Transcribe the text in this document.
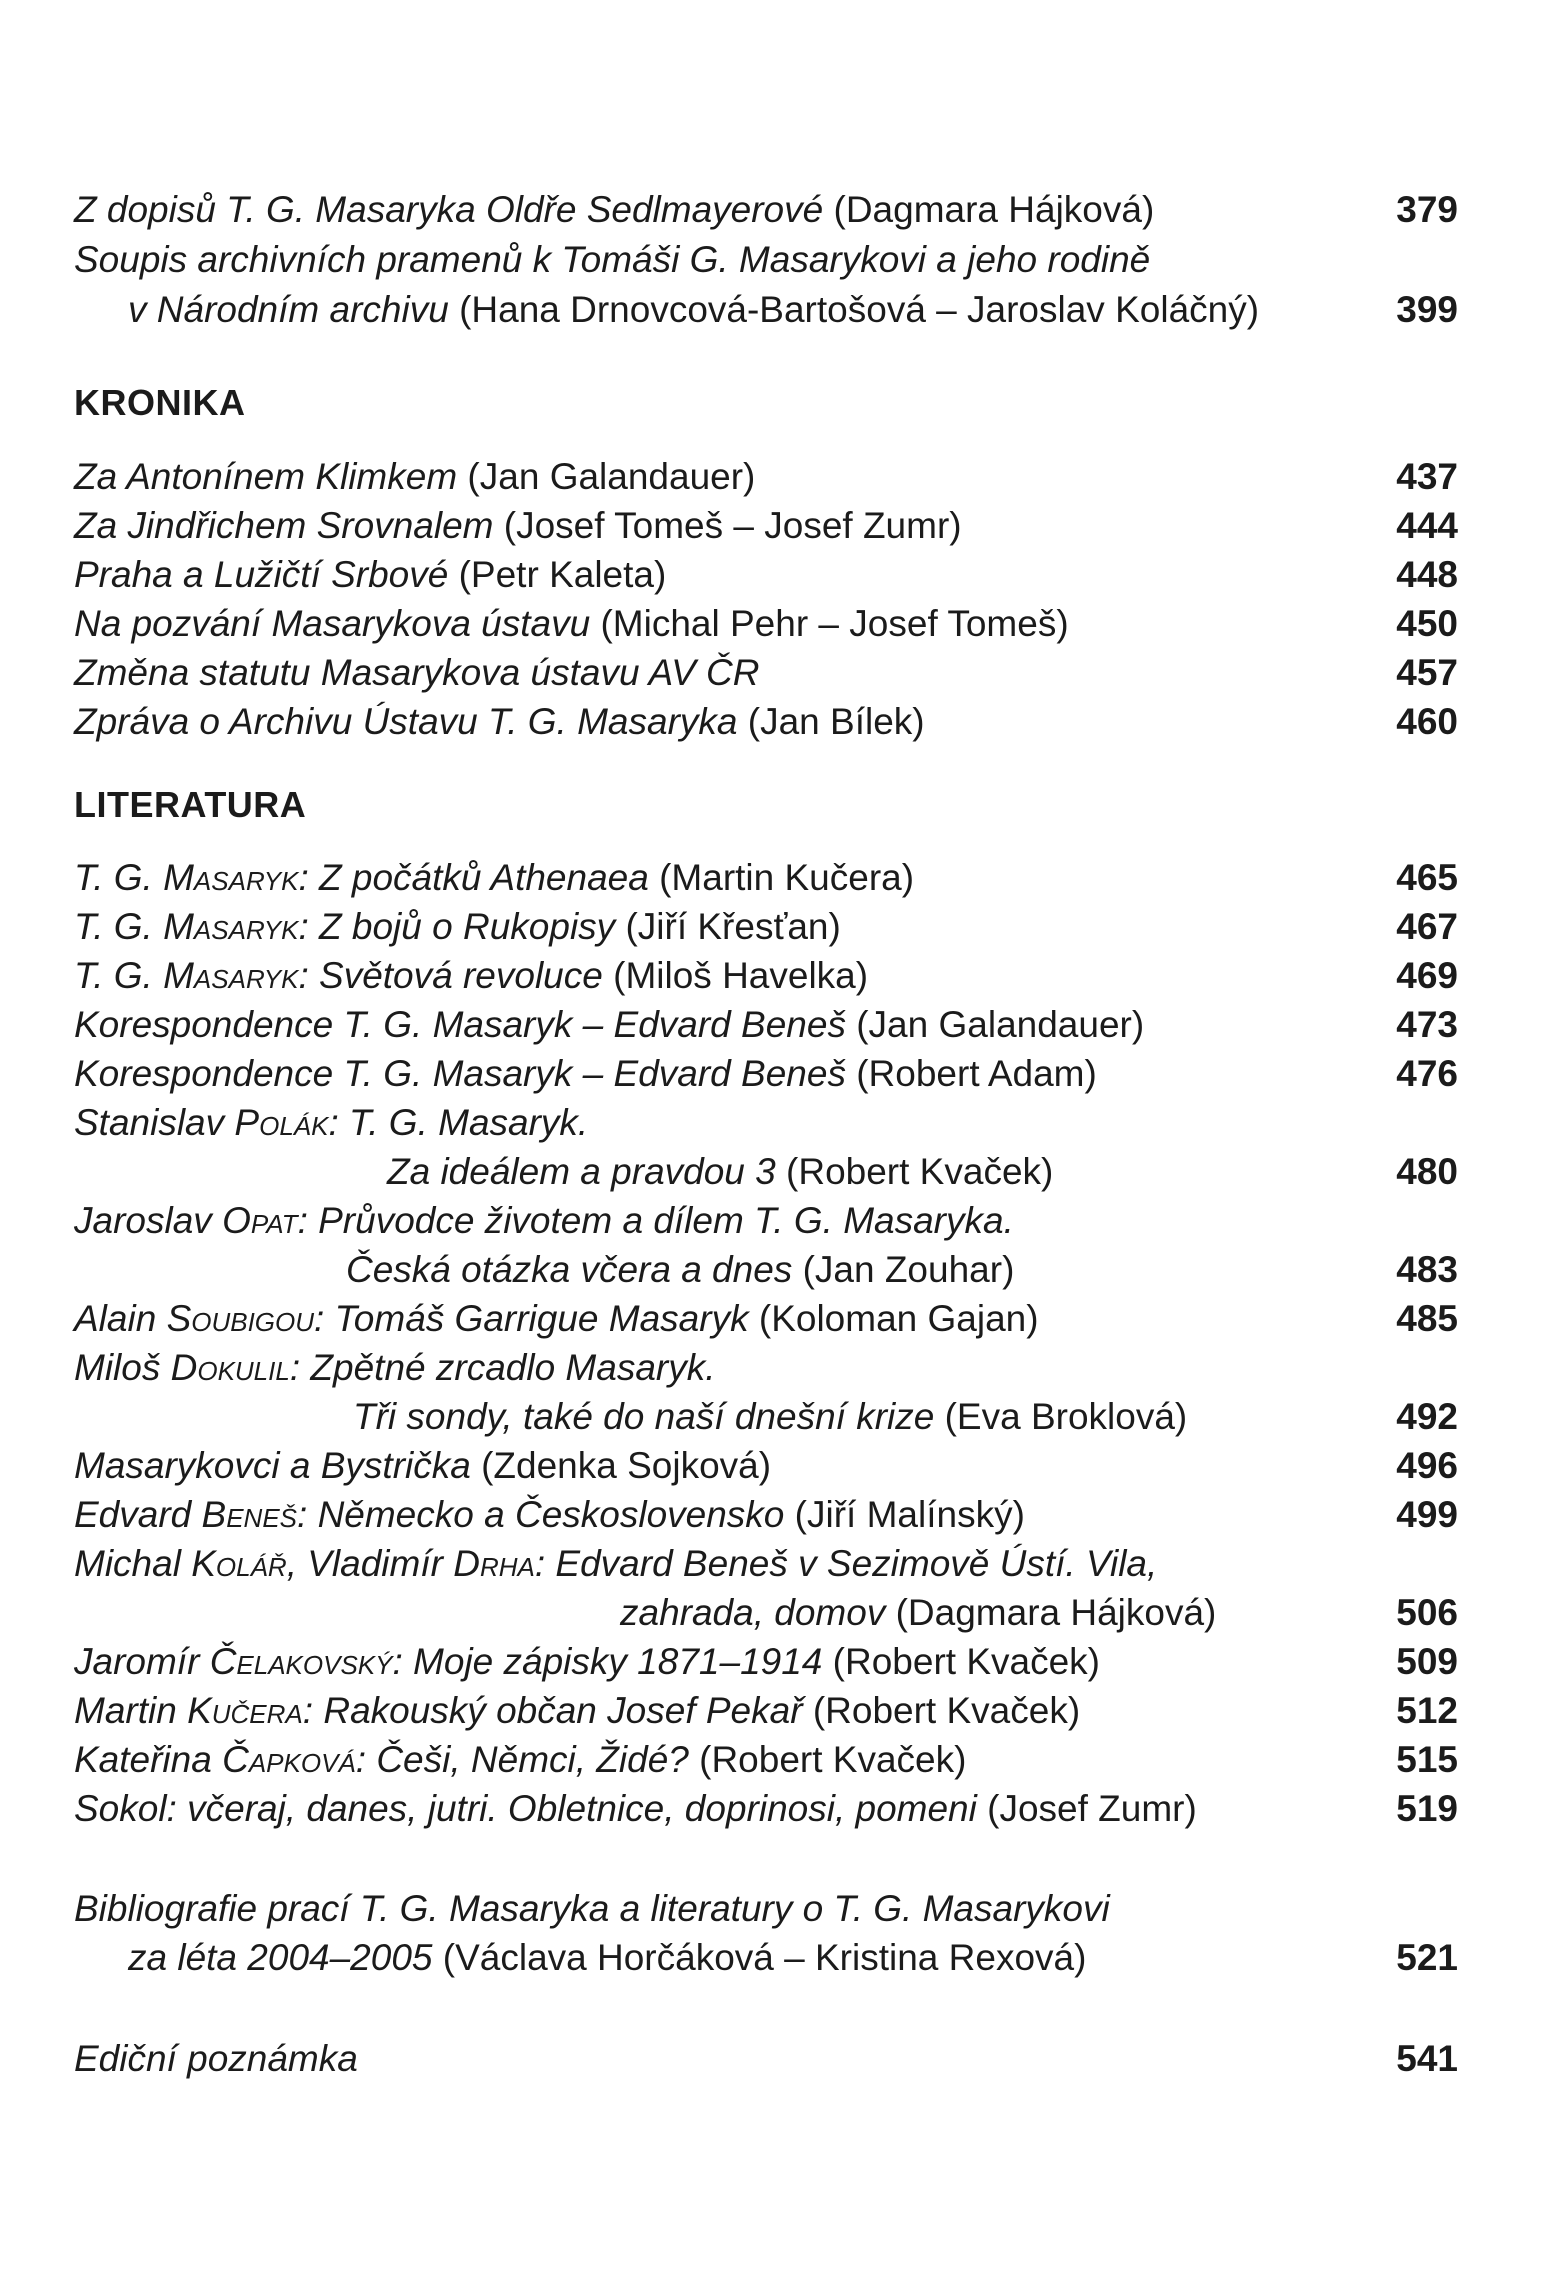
Z dopisů T. G. Masaryka Oldře Sedlmayerové (Dagmara Hájková)	379
Soupis archivních pramenů k Tomáši G. Masarykovi a jeho rodině
v Národním archivu (Hana Drnovcová-Bartošová – Jaroslav Koláčný)	399
KRONIKA
Za Antonínem Klimkem (Jan Galandauer)	437
Za Jindřichem Srovnalem (Josef Tomeš – Josef Zumr)	444
Praha a Lužičtí Srbové (Petr Kaleta)	448
Na pozvání Masarykova ústavu (Michal Pehr – Josef Tomeš)	450
Změna statutu Masarykova ústavu AV ČR	457
Zpráva o Archivu Ústavu T. G. Masaryka (Jan Bílek)	460
LITERATURA
T. G. Masaryk: Z počátků Athenaea (Martin Kučera)	465
T. G. Masaryk: Z bojů o Rukopisy (Jiří Křesťan)	467
T. G. Masaryk: Světová revoluce (Miloš Havelka)	469
Korespondence T. G. Masaryk – Edvard Beneš (Jan Galandauer)	473
Korespondence T. G. Masaryk – Edvard Beneš (Robert Adam)	476
Stanislav Polák: T. G. Masaryk.
Za ideálem a pravdou 3 (Robert Kvaček)	480
Jaroslav Opat: Průvodce životem a dílem T. G. Masaryka.
Česká otázka včera a dnes (Jan Zouhar)	483
Alain Soubigou: Tomáš Garrigue Masaryk (Koloman Gajan)	485
Miloš Dokulil: Zpětné zrcadlo Masaryk.
Tři sondy, také do naší dnešní krize (Eva Broklová)	492
Masarykovci a Bystrička (Zdenka Sojková)	496
Edvard Beneš: Německo a Československo (Jiří Malínský)	499
Michal Kolář, Vladimír Drha: Edvard Beneš v Sezimově Ústí. Vila,
zahrada, domov (Dagmara Hájková)	506
Jaromír Čelakovský: Moje zápisky 1871–1914 (Robert Kvaček)	509
Martin Kučera: Rakouský občan Josef Pekař (Robert Kvaček)	512
Kateřina Čapková: Češi, Němci, Židé? (Robert Kvaček)	515
Sokol: včeraj, danes, jutri. Obletnice, doprinosi, pomeni (Josef Zumr)	519
Bibliografie prací T. G. Masaryka a literatury o T. G. Masarykovi
za léta 2004–2005 (Václava Horčáková – Kristina Rexová)	521
Ediční poznámka	541
